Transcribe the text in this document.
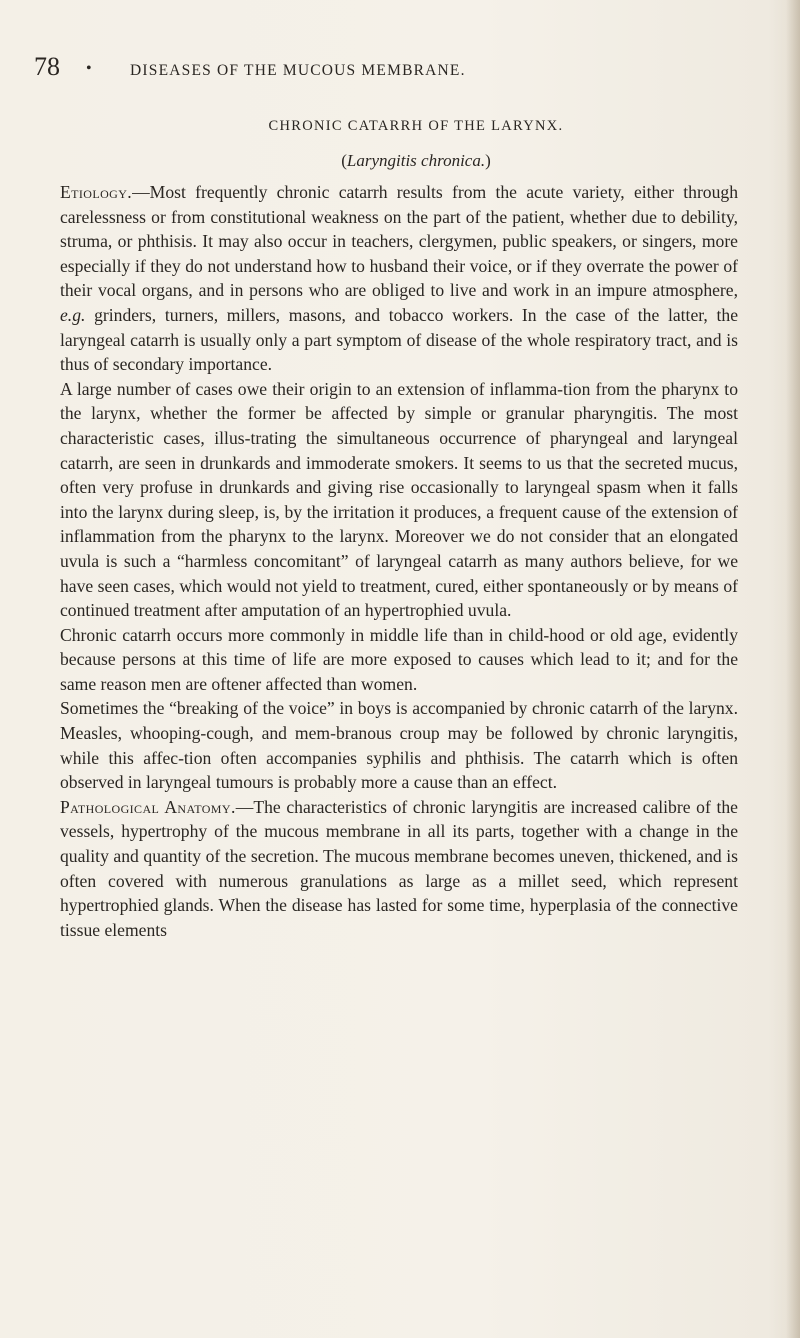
78 • DISEASES OF THE MUCOUS MEMBRANE.
CHRONIC CATARRH OF THE LARYNX.
(Laryngitis chronica.)

Etiology.—Most frequently chronic catarrh results from the acute variety, either through carelessness or from constitutional weakness on the part of the patient, whether due to debility, struma, or phthisis. It may also occur in teachers, clergymen, public speakers, or singers, more especially if they do not understand how to husband their voice, or if they overrate the power of their vocal organs, and in persons who are obliged to live and work in an impure atmosphere, e.g. grinders, turners, millers, masons, and tobacco workers. In the case of the latter, the laryngeal catarrh is usually only a part symptom of disease of the whole respiratory tract, and is thus of secondary importance.

A large number of cases owe their origin to an extension of inflamma-tion from the pharynx to the larynx, whether the former be affected by simple or granular pharyngitis. The most characteristic cases, illus-trating the simultaneous occurrence of pharyngeal and laryngeal catarrh, are seen in drunkards and immoderate smokers. It seems to us that the secreted mucus, often very profuse in drunkards and giving rise occasionally to laryngeal spasm when it falls into the larynx during sleep, is, by the irritation it produces, a frequent cause of the extension of inflammation from the pharynx to the larynx. Moreover we do not consider that an elongated uvula is such a “harmless concomitant” of laryngeal catarrh as many authors believe, for we have seen cases, which would not yield to treatment, cured, either spontaneously or by means of continued treatment after amputation of an hypertrophied uvula.

Chronic catarrh occurs more commonly in middle life than in child-hood or old age, evidently because persons at this time of life are more exposed to causes which lead to it; and for the same reason men are oftener affected than women.

Sometimes the “breaking of the voice” in boys is accompanied by chronic catarrh of the larynx. Measles, whooping-cough, and mem-branous croup may be followed by chronic laryngitis, while this affec-tion often accompanies syphilis and phthisis. The catarrh which is often observed in laryngeal tumours is probably more a cause than an effect.

Pathological Anatomy.—The characteristics of chronic laryngitis are increased calibre of the vessels, hypertrophy of the mucous membrane in all its parts, together with a change in the quality and quantity of the secretion. The mucous membrane becomes uneven, thickened, and is often covered with numerous granulations as large as a millet seed, which represent hypertrophied glands. When the disease has lasted for some time, hyperplasia of the connective tissue elements
